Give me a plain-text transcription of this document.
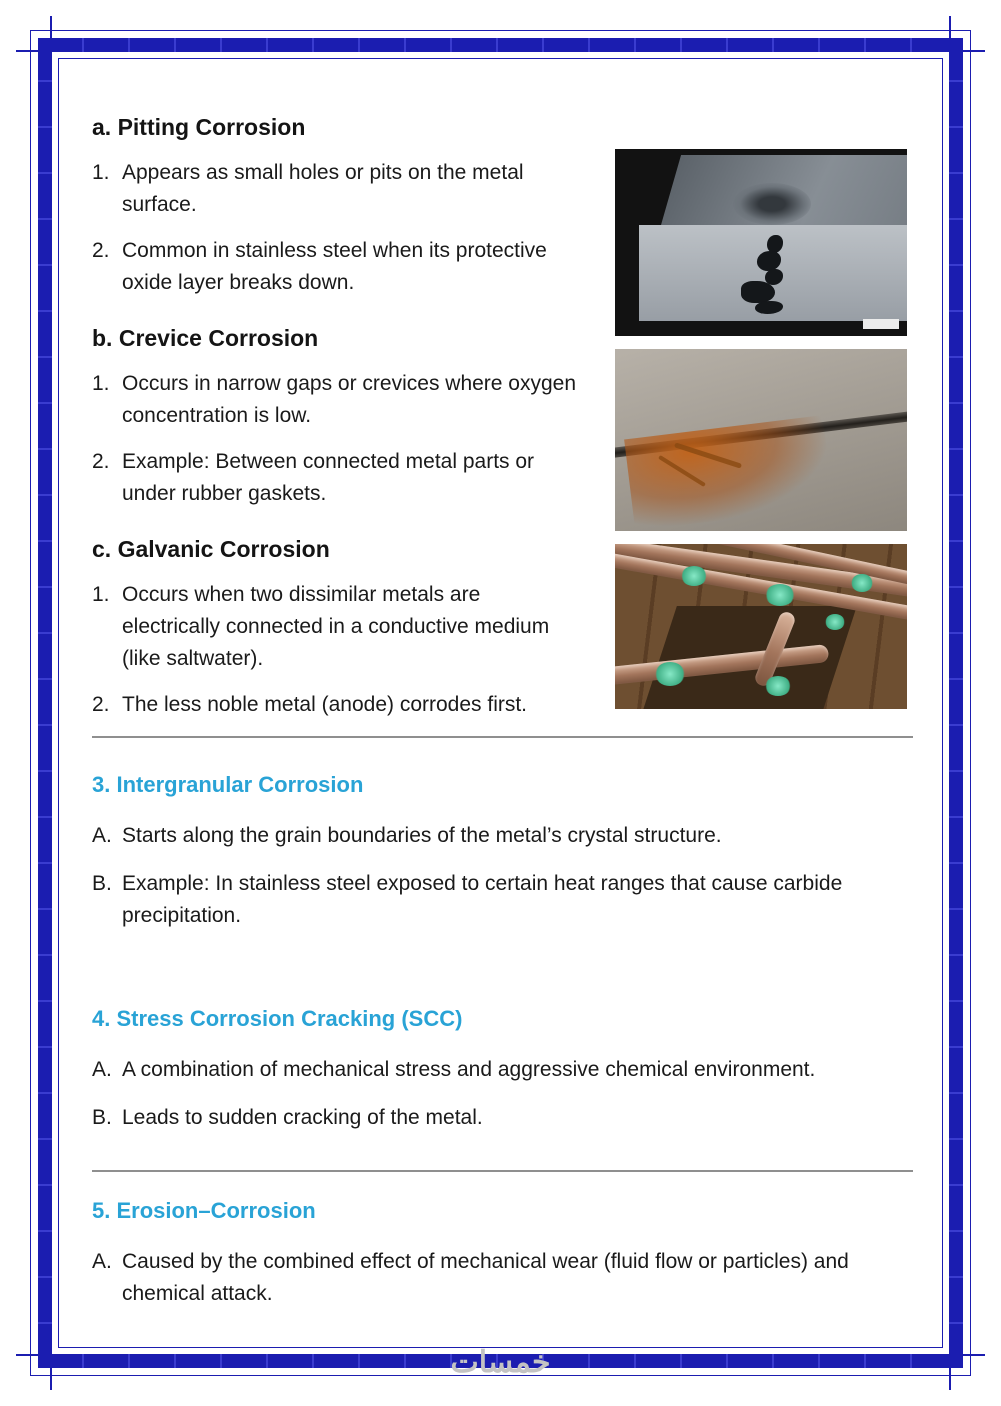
a. Pitting Corrosion
1. Appears as small holes or pits on the metal surface.
2. Common in stainless steel when its protective oxide layer breaks down.
b. Crevice Corrosion
1. Occurs in narrow gaps or crevices where oxygen concentration is low.
2. Example: Between connected metal parts or under rubber gaskets.
c. Galvanic Corrosion
1. Occurs when two dissimilar metals are electrically connected in a conductive medium (like saltwater).
2. The less noble metal (anode) corrodes first.
3. Intergranular Corrosion
A. Starts along the grain boundaries of the metal’s crystal structure.
B. Example: In stainless steel exposed to certain heat ranges that cause carbide precipitation.
4. Stress Corrosion Cracking (SCC)
A. A combination of mechanical stress and aggressive chemical environment.
B. Leads to sudden cracking of the metal.
5. Erosion–Corrosion
A. Caused by the combined effect of mechanical wear (fluid flow or particles) and chemical attack.
خمسات
